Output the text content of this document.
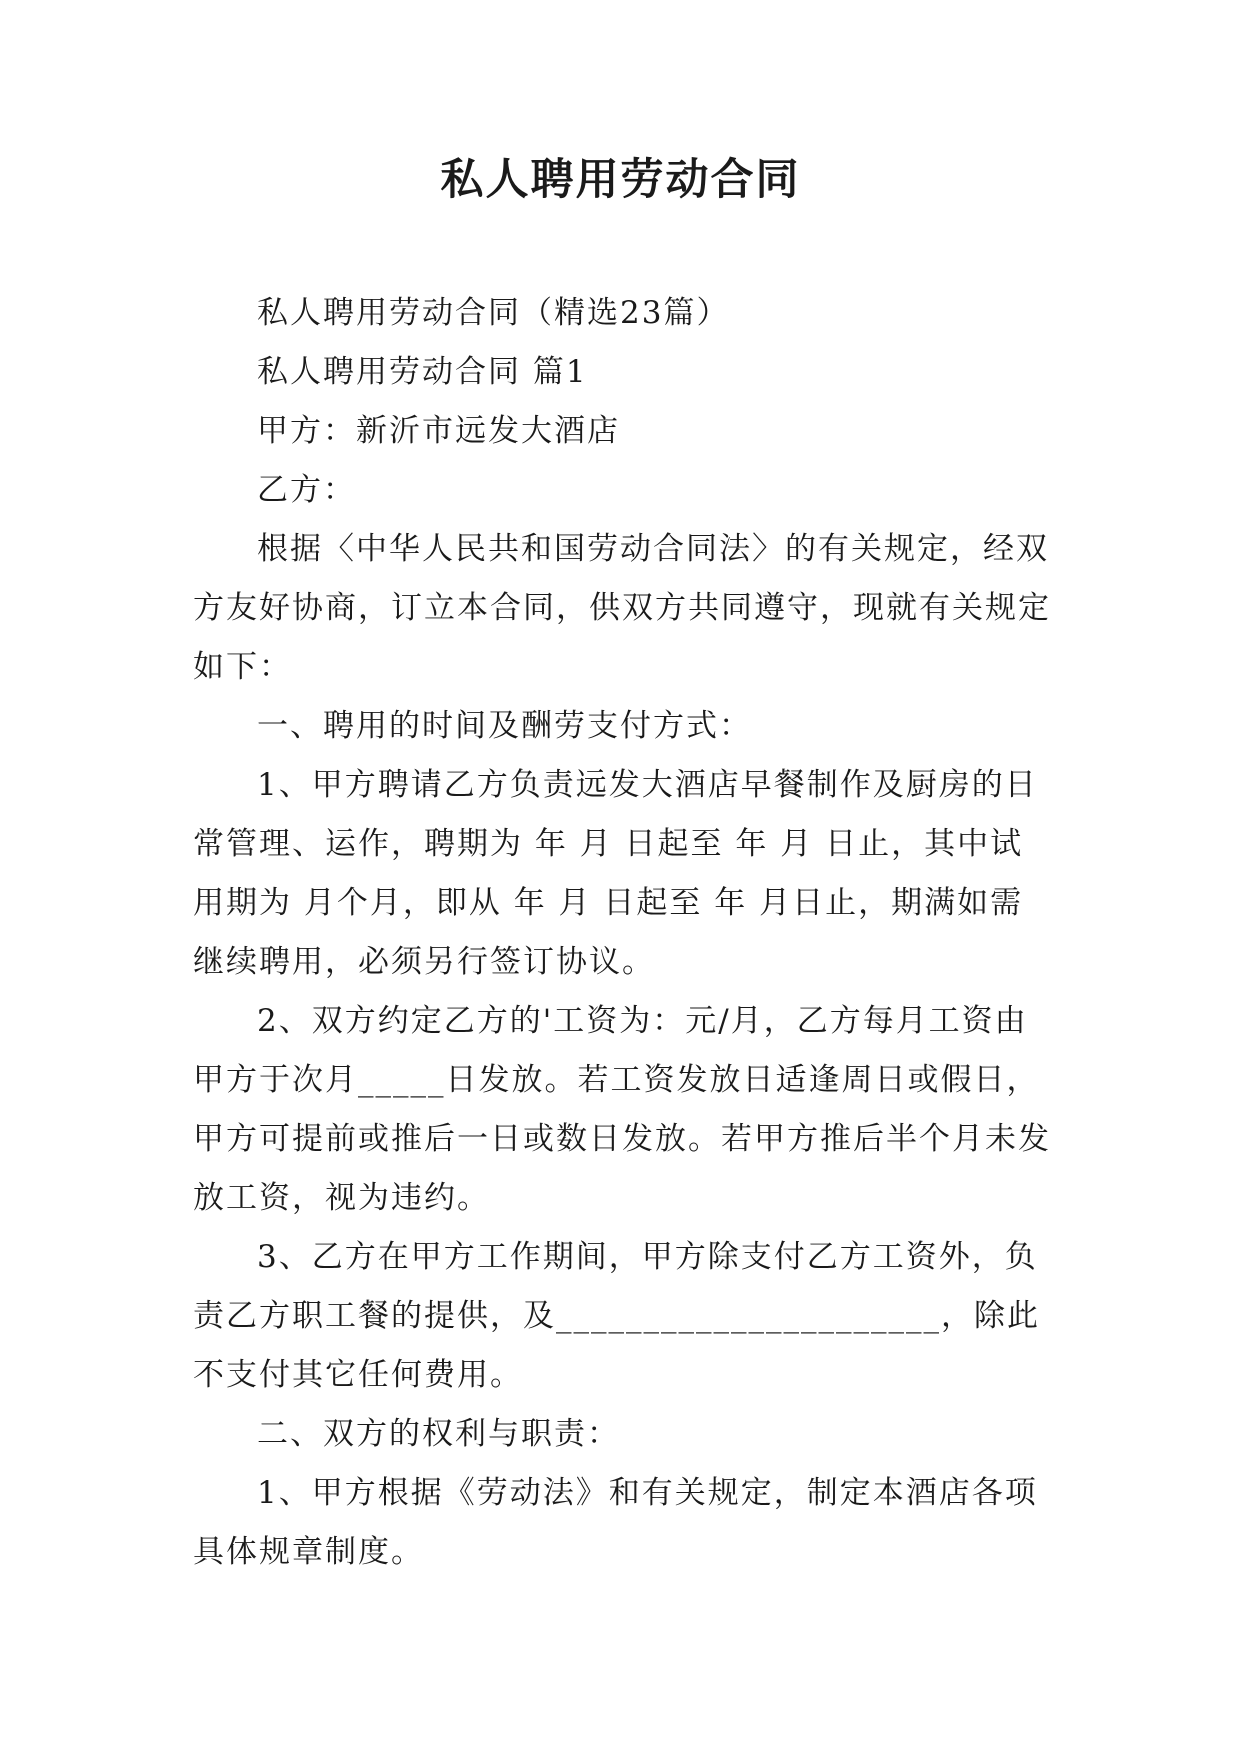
私人聘用劳动合同

私人聘用劳动合同（精选23篇）

私人聘用劳动合同 篇1

甲方：新沂市远发大酒店

乙方：

根据〈中华人民共和国劳动合同法〉的有关规定，经双方友好协商，订立本合同，供双方共同遵守，现就有关规定如下：

一、聘用的时间及酬劳支付方式：

1、甲方聘请乙方负责远发大酒店早餐制作及厨房的日常管理、运作，聘期为 年 月 日起至 年 月 日止，其中试用期为 月个月，即从 年 月 日起至 年 月日止，期满如需继续聘用，必须另行签订协议。

2、双方约定乙方的'工资为：元/月，乙方每月工资由甲方于次月_____日发放。若工资发放日适逢周日或假日，甲方可提前或推后一日或数日发放。若甲方推后半个月未发放工资，视为违约。

3、乙方在甲方工作期间，甲方除支付乙方工资外，负责乙方职工餐的提供，及______________________，除此不支付其它任何费用。

二、双方的权利与职责：

1、甲方根据《劳动法》和有关规定，制定本酒店各项具体规章制度。
